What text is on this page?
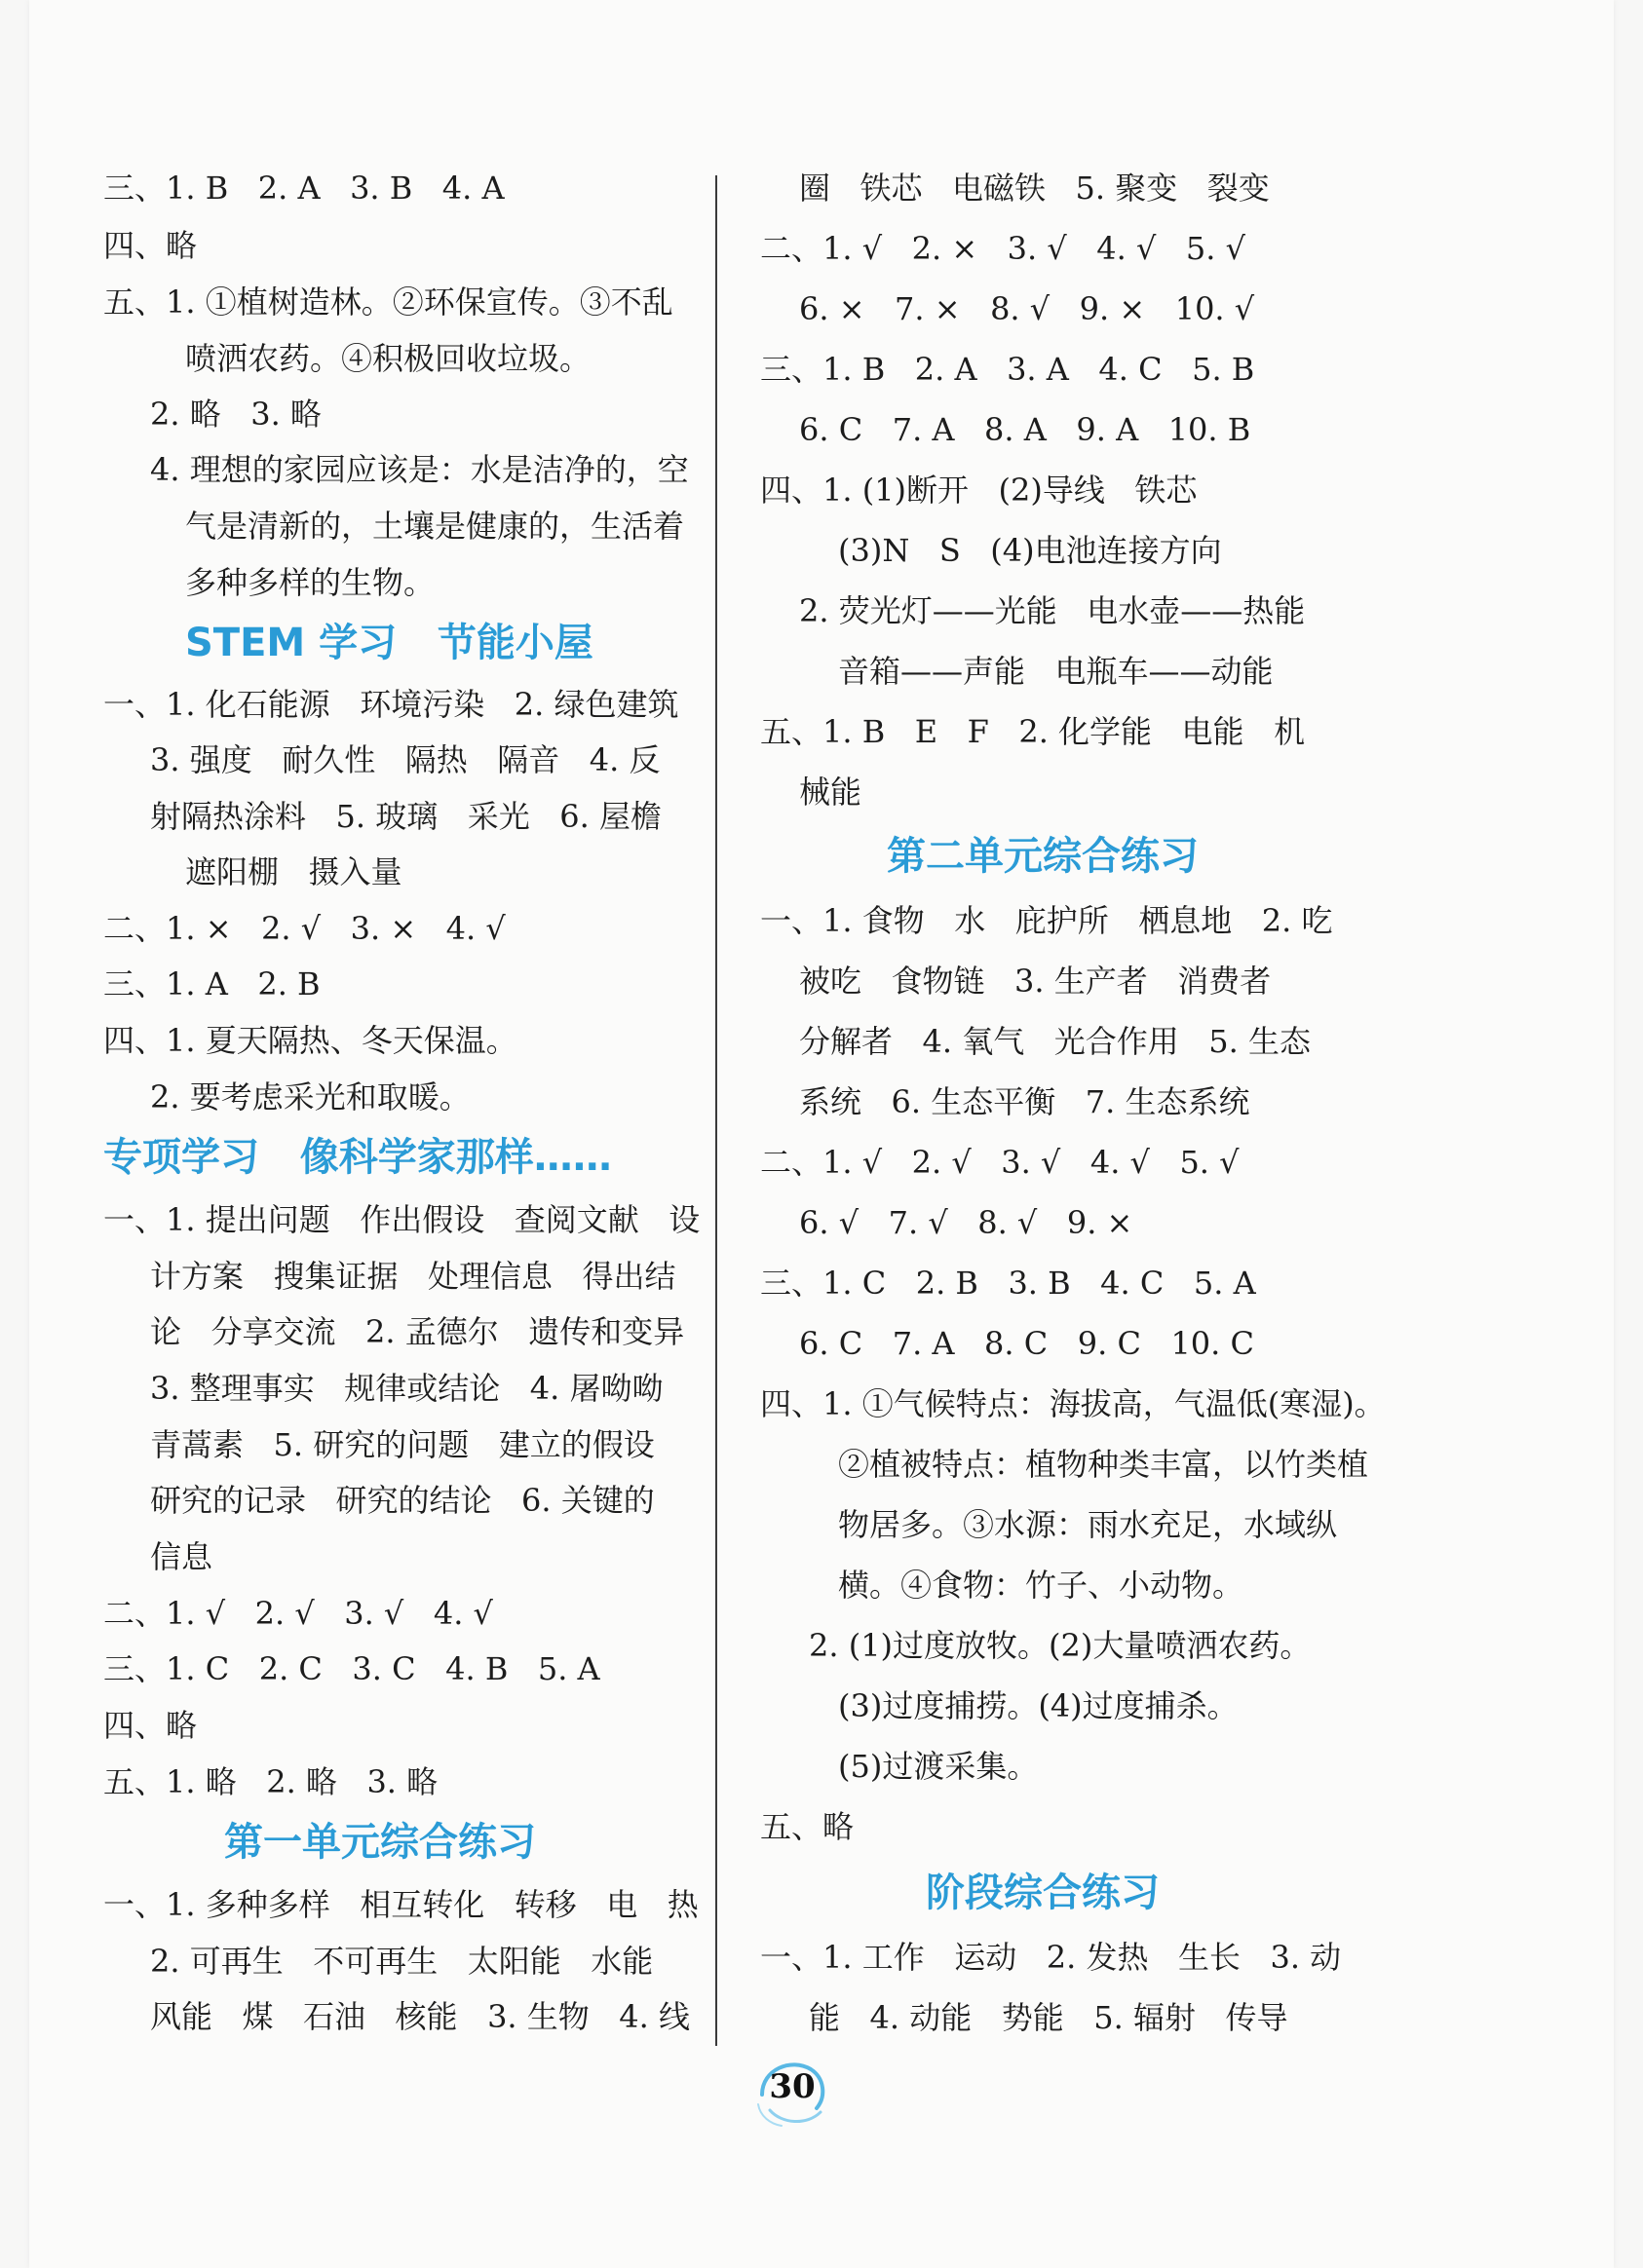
三、1. B   2. A   3. B   4. A
四、略
五、1. ①植树造林。②环保宣传。③不乱
喷洒农药。④积极回收垃圾。
2. 略   3. 略
4. 理想的家园应该是：水是洁净的，空
气是清新的，土壤是健康的，生活着
多种多样的生物。
STEM 学习   节能小屋
一、1. 化石能源   环境污染   2. 绿色建筑
3. 强度   耐久性   隔热   隔音   4. 反
射隔热涂料   5. 玻璃   采光   6. 屋檐
遮阳棚   摄入量
二、1. ×   2. √   3. ×   4. √
三、1. A   2. B
四、1. 夏天隔热、冬天保温。
2. 要考虑采光和取暖。
专项学习   像科学家那样……
一、1. 提出问题   作出假设   查阅文献   设
计方案   搜集证据   处理信息   得出结
论   分享交流   2. 孟德尔   遗传和变异
3. 整理事实   规律或结论   4. 屠呦呦
青蒿素   5. 研究的问题   建立的假设
研究的记录   研究的结论   6. 关键的
信息
二、1. √   2. √   3. √   4. √
三、1. C   2. C   3. C   4. B   5. A
四、略
五、1. 略   2. 略   3. 略
第一单元综合练习
一、1. 多种多样   相互转化   转移   电   热
2. 可再生   不可再生   太阳能   水能
风能   煤   石油   核能   3. 生物   4. 线
圈   铁芯   电磁铁   5. 聚变   裂变
二、1. √   2. ×   3. √   4. √   5. √
6. ×   7. ×   8. √   9. ×   10. √
三、1. B   2. A   3. A   4. C   5. B
6. C   7. A   8. A   9. A   10. B
四、1. (1)断开   (2)导线   铁芯
(3)N   S   (4)电池连接方向
2. 荧光灯——光能   电水壶——热能
音箱——声能   电瓶车——动能
五、1. B   E   F   2. 化学能   电能   机
械能
第二单元综合练习
一、1. 食物   水   庇护所   栖息地   2. 吃
被吃   食物链   3. 生产者   消费者
分解者   4. 氧气   光合作用   5. 生态
系统   6. 生态平衡   7. 生态系统
二、1. √   2. √   3. √   4. √   5. √
6. √   7. √   8. √   9. ×
三、1. C   2. B   3. B   4. C   5. A
6. C   7. A   8. C   9. C   10. C
四、1. ①气候特点：海拔高，气温低(寒湿)。
②植被特点：植物种类丰富，以竹类植
物居多。③水源：雨水充足，水域纵
横。④食物：竹子、小动物。
2. (1)过度放牧。(2)大量喷洒农药。
(3)过度捕捞。(4)过度捕杀。
(5)过渡采集。
五、略
阶段综合练习
一、1. 工作   运动   2. 发热   生长   3. 动
能   4. 动能   势能   5. 辐射   传导
30
